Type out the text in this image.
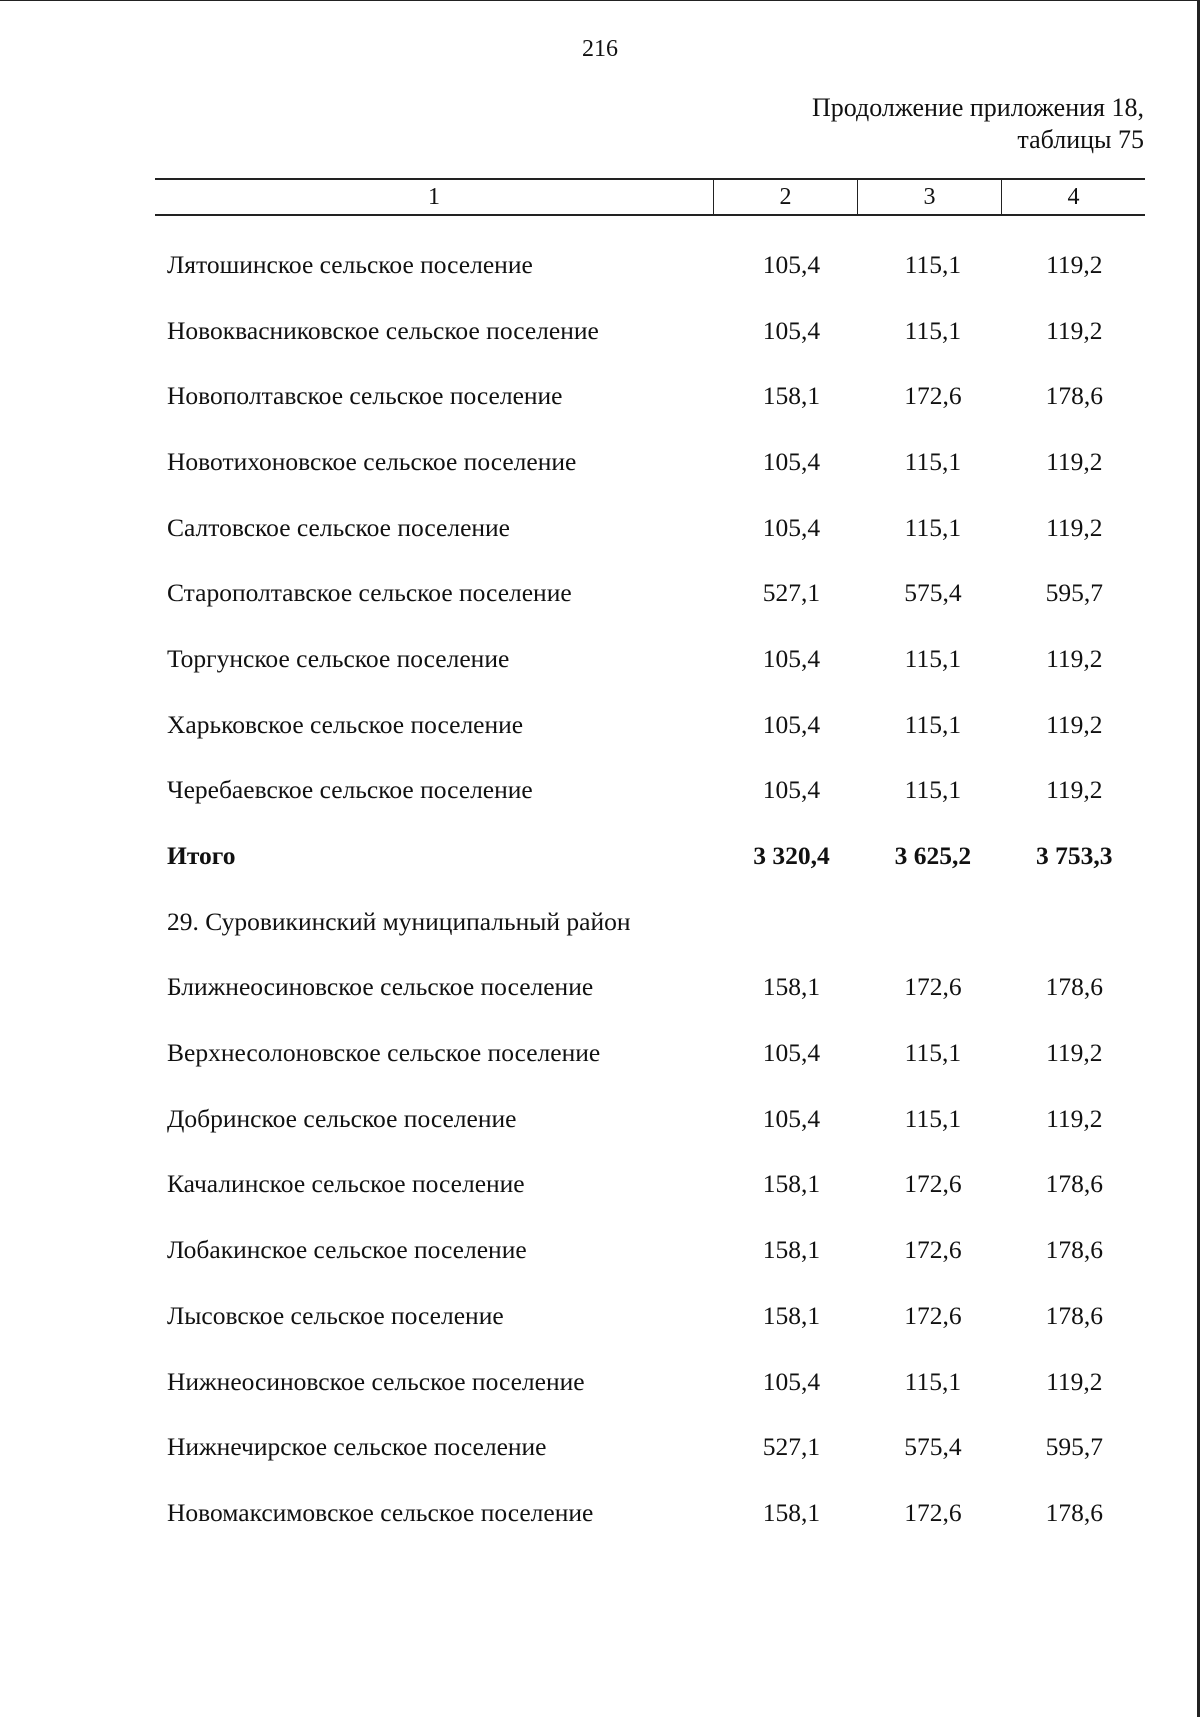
216
Продолжение приложения 18,
таблицы 75
1	2	3	4
Лятошинское сельское поселение	105,4	115,1	119,2
Новоквасниковское сельское поселение	105,4	115,1	119,2
Новополтавское сельское поселение	158,1	172,6	178,6
Новотихоновское сельское поселение	105,4	115,1	119,2
Салтовское сельское поселение	105,4	115,1	119,2
Старополтавское сельское поселение	527,1	575,4	595,7
Торгунское сельское поселение	105,4	115,1	119,2
Харьковское сельское поселение	105,4	115,1	119,2
Черебаевское сельское поселение	105,4	115,1	119,2
Итого	3 320,4	3 625,2	3 753,3
29. Суровикинский муниципальный район
Ближнеосиновское сельское поселение	158,1	172,6	178,6
Верхнесолоновское сельское поселение	105,4	115,1	119,2
Добринское сельское поселение	105,4	115,1	119,2
Качалинское сельское поселение	158,1	172,6	178,6
Лобакинское сельское поселение	158,1	172,6	178,6
Лысовское сельское поселение	158,1	172,6	178,6
Нижнеосиновское сельское поселение	105,4	115,1	119,2
Нижнечирское сельское поселение	527,1	575,4	595,7
Новомаксимовское сельское поселение	158,1	172,6	178,6
